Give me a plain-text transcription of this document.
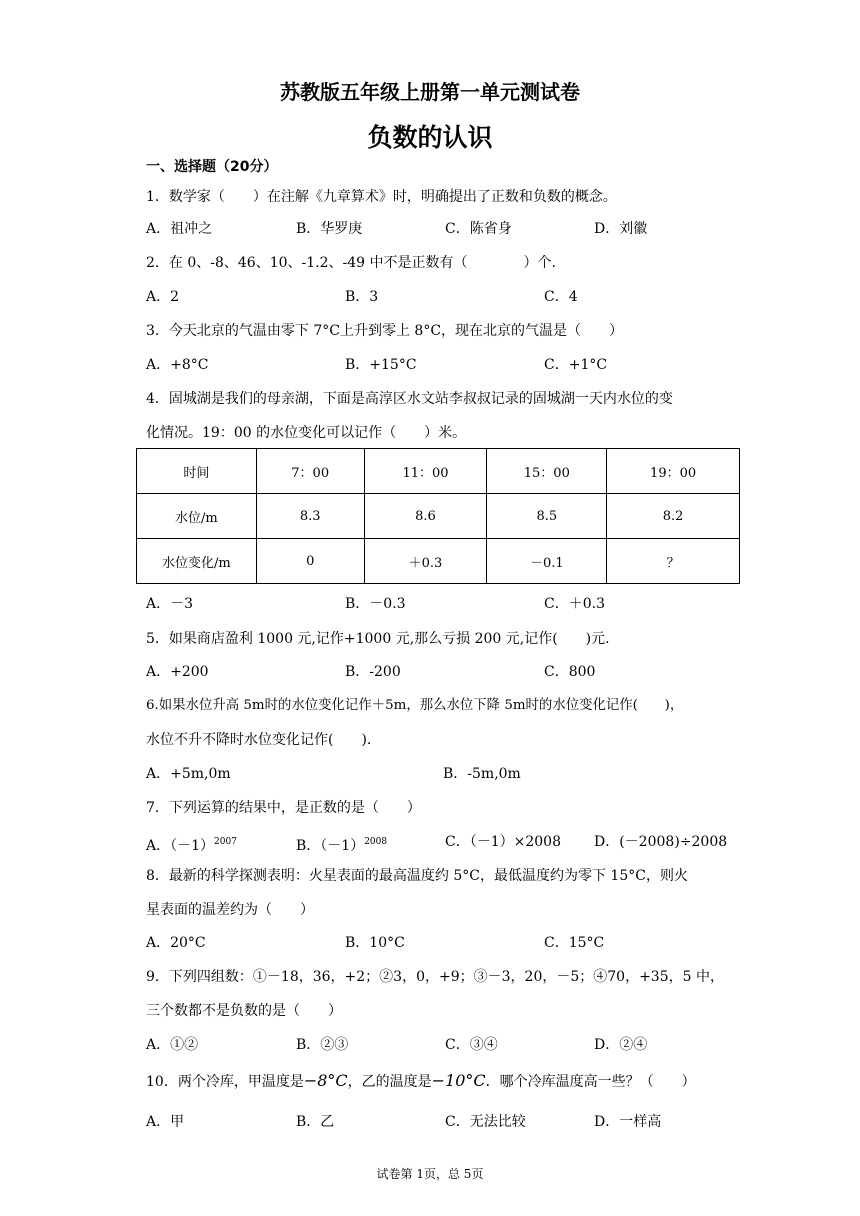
苏教版五年级上册第一单元测试卷
负数的认识
一、选择题（20分）
1．数学家（　　）在注解《九章算术》时，明确提出了正数和负数的概念。
A．祖冲之	B．华罗庚	C．陈省身	D．刘徽
2．在 0、-8、46、10、-1.2、-49 中不是正数有（　　　　）个.
A．2	B．3	C．4
3．今天北京的气温由零下 7°C上升到零上 8°C，现在北京的气温是（　　）
A．+8°C	B．+15°C	C．+1°C
4．固城湖是我们的母亲湖，下面是高淳区水文站李叔叔记录的固城湖一天内水位的变
化情况。19：00 的水位变化可以记作（　　）米。
时间	7：00	11：00	15：00	19：00
水位/m	8.3	8.6	8.5	8.2
水位变化/m	0	＋0.3	－0.1	？
A．－3	B．－0.3	C．＋0.3
5．如果商店盈利 1000 元,记作+1000 元,那么亏损 200 元,记作(　　)元.
A．+200	B．-200	C．800
6.如果水位升高 5m时的水位变化记作＋5m，那么水位下降 5m时的水位变化记作(　　)，
水位不升不降时水位变化记作(　　).
A．+5m,0m	B．-5m,0m
7．下列运算的结果中，是正数的是（　　）
A．$(-1)^{2007}$	B．$(-1)^{2008}$	C．（－1）×2008 D．(－2008)÷2008
8．最新的科学探测表明：火星表面的最高温度约 5°C，最低温度约为零下 15°C，则火
星表面的温差约为（　　）
A．20°C	B．10°C	C．15°C
9．下列四组数：①－18，36，+2；②3，0，+9；③－3，20，－5；④70，+35，5 中，
三个数都不是负数的是（　　）
A．①②	B．②③	C．③④	D．②④
10．两个冷库，甲温度是−8°C，乙的温度是−10°C．哪个冷库温度高一些？（　　）
A．甲	B．乙	C．无法比较	D．一样高
试卷第 1页，总 5页
